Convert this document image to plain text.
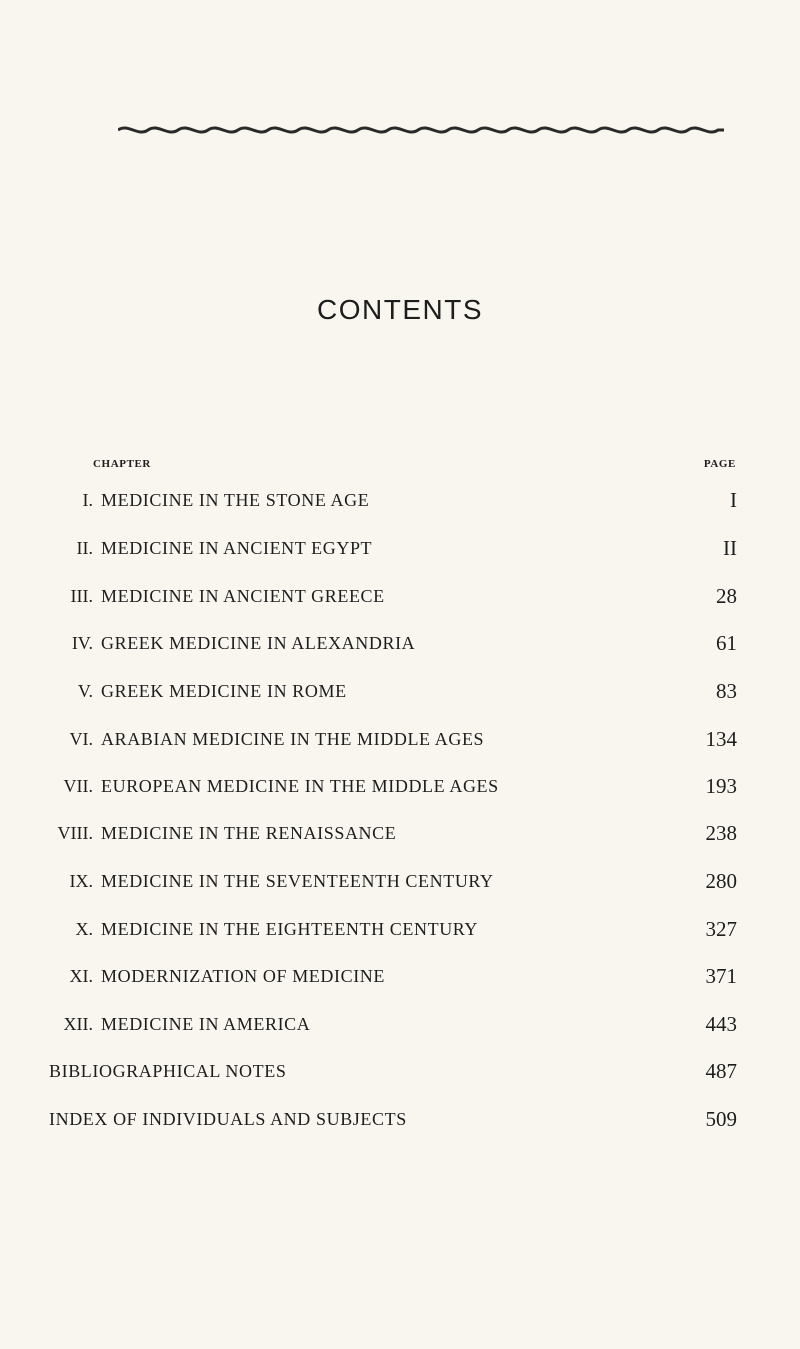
CONTENTS
CHAPTER	PAGE
I. MEDICINE IN THE STONE AGE	I
II. MEDICINE IN ANCIENT EGYPT	II
III. MEDICINE IN ANCIENT GREECE	28
IV. GREEK MEDICINE IN ALEXANDRIA	61
V. GREEK MEDICINE IN ROME	83
VI. ARABIAN MEDICINE IN THE MIDDLE AGES	134
VII. EUROPEAN MEDICINE IN THE MIDDLE AGES	193
VIII. MEDICINE IN THE RENAISSANCE	238
IX. MEDICINE IN THE SEVENTEENTH CENTURY	280
X. MEDICINE IN THE EIGHTEENTH CENTURY	327
XI. MODERNIZATION OF MEDICINE	371
XII. MEDICINE IN AMERICA	443
BIBLIOGRAPHICAL NOTES	487
INDEX OF INDIVIDUALS AND SUBJECTS	509
